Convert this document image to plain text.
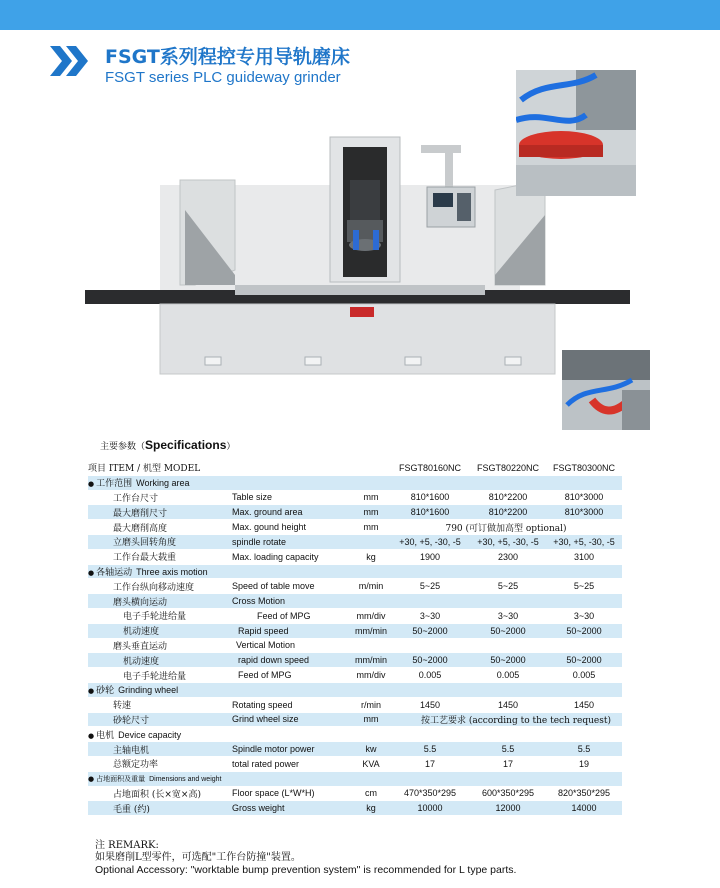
FSGT系列程控专用导轨磨床
FSGT series PLC guideway grinder
主要参数（Specifications）
项目 ITEM / 机型 MODEL			FSGT80160NC	FSGT80220NC	FSGT80300NC
● 工作范围 Working area					
工作台尺寸	Table size	mm	810*1600	810*2200	810*3000
最大磨削尺寸	Max. ground area	mm	810*1600	810*2200	810*3000
最大磨削高度	Max. gound height	mm	790 (可订做加高型 optional)		
立磨头回转角度	spindle rotate		+30, +5, -30, -5	+30, +5, -30, -5	+30, +5, -30, -5
工作台最大载重	Max. loading capacity	kg	1900	2300	3100
● 各轴运动 Three axis motion					
工作台纵向移动速度	Speed of table move	m/min	5~25	5~25	5~25
磨头横向运动	Cross Motion				
电子手轮进给量	Feed of MPG	mm/div	3~30	3~30	3~30
机动速度	Rapid speed	mm/min	50~2000	50~2000	50~2000
磨头垂直运动	Vertical Motion				
机动速度	rapid down speed	mm/min	50~2000	50~2000	50~2000
电子手轮进给量	Feed of MPG	mm/div	0.005	0.005	0.005
● 砂轮 Grinding wheel					
转速	Rotating speed	r/min	1450	1450	1450
砂轮尺寸	Grind wheel size	mm	按工艺要求 (according to the tech request)		
● 电机 Device capacity					
主轴电机	Spindle motor power	kw	5.5	5.5	5.5
总额定功率	total rated power	KVA	17	17	19
● 占地面积及重量 Dimensions and weight					
占地面积 (长×宽×高)	Floor space (L*W*H)	cm	470*350*295	600*350*295	820*350*295
毛重 (约)	Gross weight	kg	10000	12000	14000
注 REMARK:
如果磨削L型零件，可选配"工作台防撞"装置。
Optional Accessory: "worktable bump prevention system" is recommended for L type parts.
